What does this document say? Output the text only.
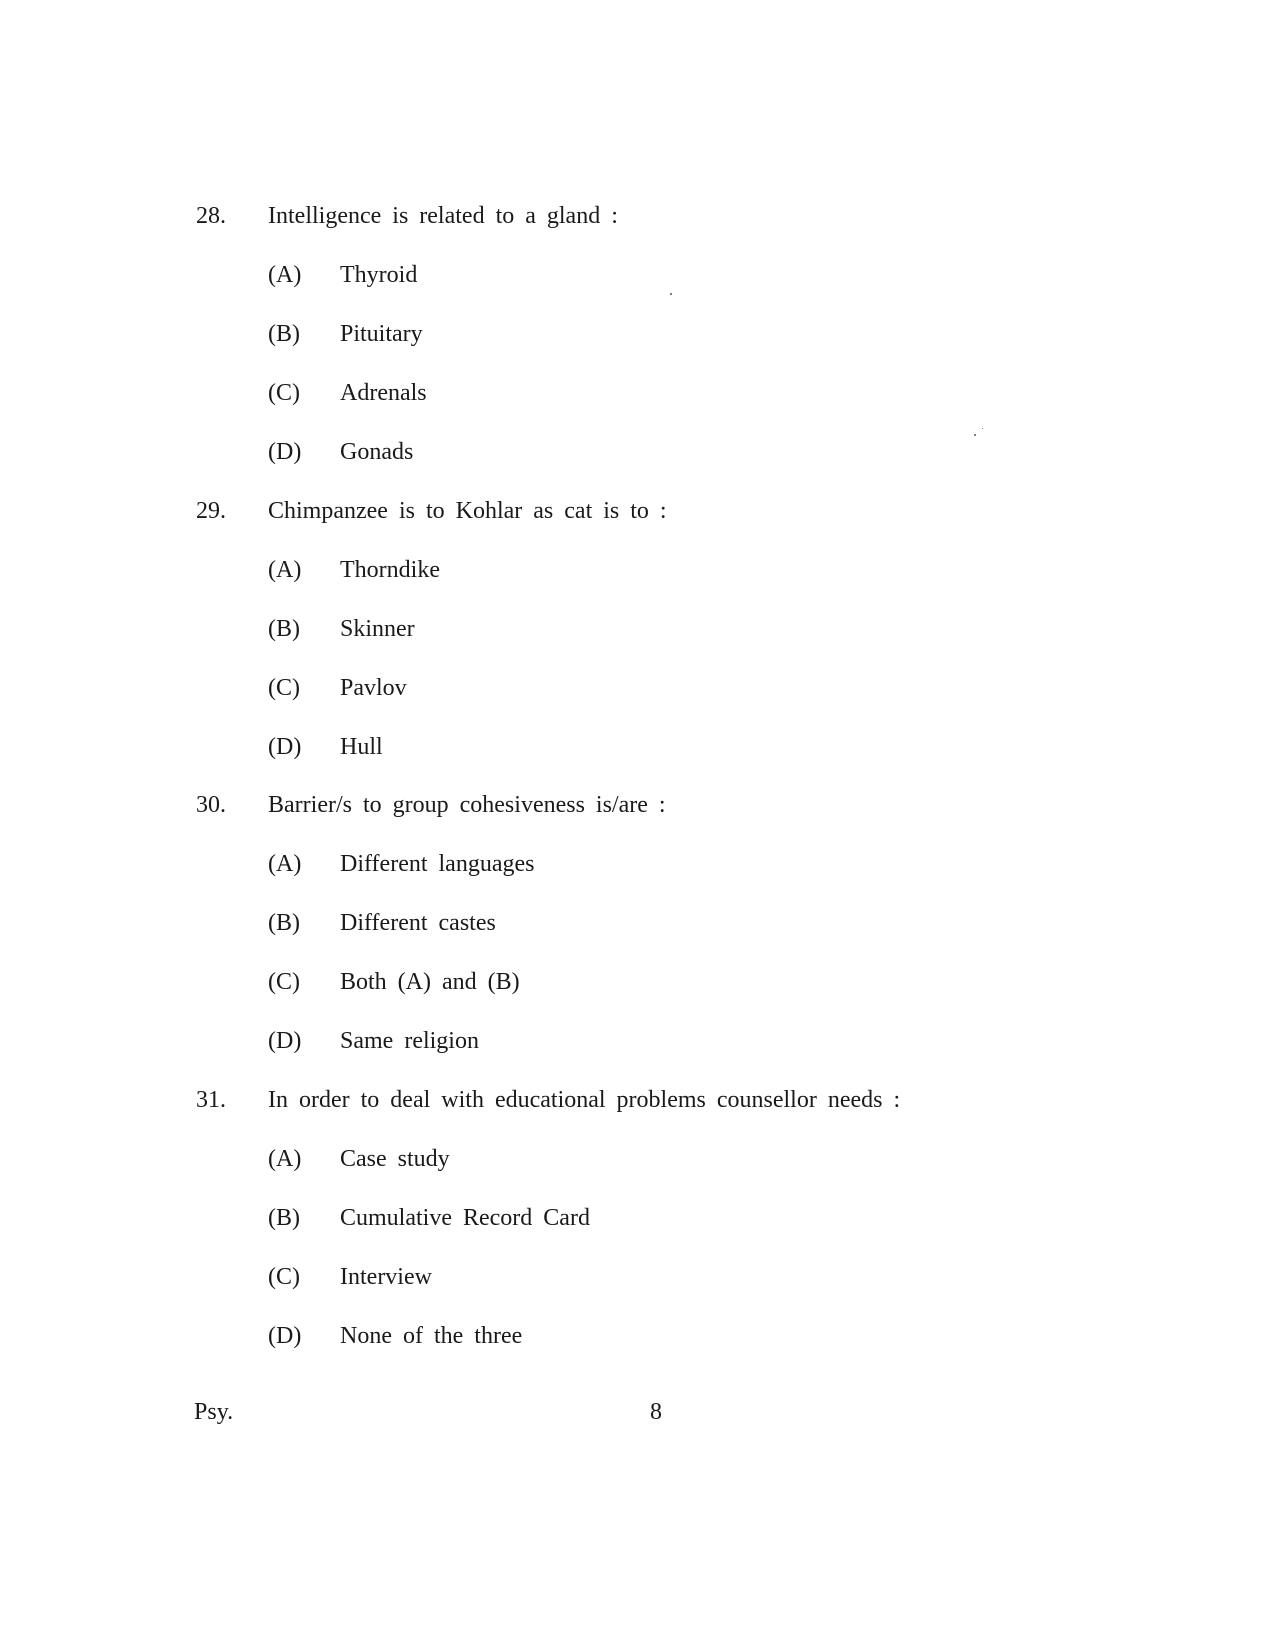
28. Intelligence is related to a gland :
(A) Thyroid
(B) Pituitary
(C) Adrenals
(D) Gonads
29. Chimpanzee is to Kohlar as cat is to :
(A) Thorndike
(B) Skinner
(C) Pavlov
(D) Hull
30. Barrier/s to group cohesiveness is/are :
(A) Different languages
(B) Different castes
(C) Both (A) and (B)
(D) Same religion
31. In order to deal with educational problems counsellor needs :
(A) Case study
(B) Cumulative Record Card
(C) Interview
(D) None of the three
Psy.	8
